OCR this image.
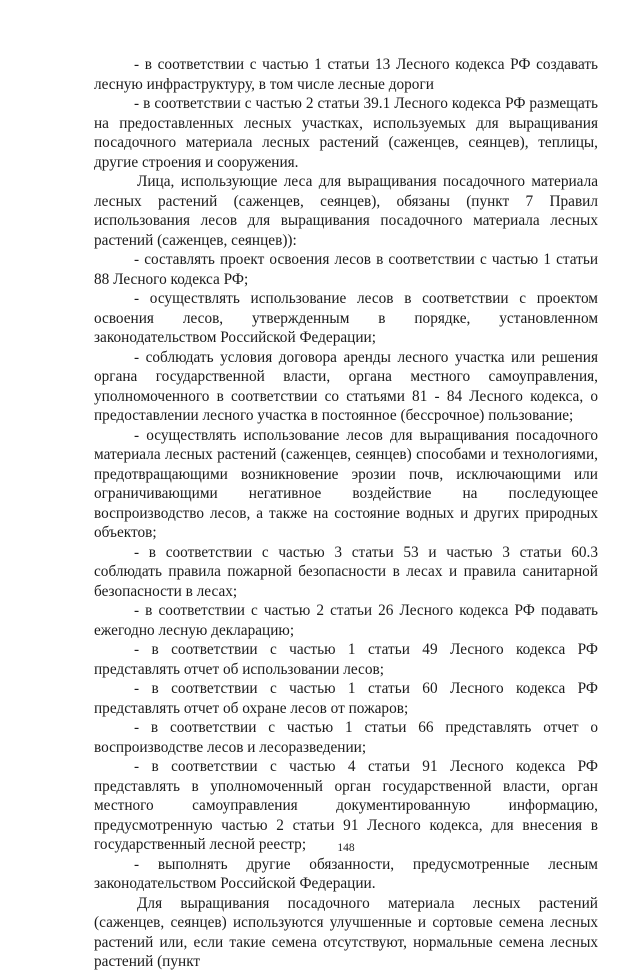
- в соответствии с частью 1 статьи 13 Лесного кодекса РФ создавать лесную инфраструктуру, в том числе лесные дороги

- в соответствии с частью 2 статьи 39.1 Лесного кодекса РФ размещать на предоставленных лесных участках, используемых для выращивания посадочного материала лесных растений (саженцев, сеянцев), теплицы, другие строения и сооружения.

Лица, использующие леса для выращивания посадочного материала лесных растений (саженцев, сеянцев), обязаны (пункт 7 Правил использования лесов для выращивания посадочного материала лесных растений (саженцев, сеянцев)):

- составлять проект освоения лесов в соответствии с частью 1 статьи 88 Лесного кодекса РФ;

- осуществлять использование лесов в соответствии с проектом освоения лесов, утвержденным в порядке, установленном законодательством Российской Федерации;

- соблюдать условия договора аренды лесного участка или решения органа государственной власти, органа местного самоуправления, уполномоченного в соответствии со статьями 81 - 84 Лесного кодекса, о предоставлении лесного участка в постоянное (бессрочное) пользование;

- осуществлять использование лесов для выращивания посадочного материала лесных растений (саженцев, сеянцев) способами и технологиями, предотвращающими возникновение эрозии почв, исключающими или ограничивающими негативное воздействие на последующее воспроизводство лесов, а также на состояние водных и других природных объектов;

- в соответствии с частью 3 статьи 53 и частью 3 статьи 60.3 соблюдать правила пожарной безопасности в лесах и правила санитарной безопасности в лесах;

- в соответствии с частью 2 статьи 26 Лесного кодекса РФ подавать ежегодно лесную декларацию;

- в соответствии с частью 1 статьи 49 Лесного кодекса РФ представлять отчет об использовании лесов;

- в соответствии с частью 1 статьи 60 Лесного кодекса РФ представлять отчет об охране лесов от пожаров;

- в соответствии с частью 1 статьи 66 представлять отчет о воспроизводстве лесов и лесоразведении;

- в соответствии с частью 4 статьи 91 Лесного кодекса РФ представлять в уполномоченный орган государственной власти, орган местного самоуправления документированную информацию, предусмотренную частью 2 статьи 91 Лесного кодекса, для внесения в государственный лесной реестр;

- выполнять другие обязанности, предусмотренные лесным законодательством Российской Федерации.

Для выращивания посадочного материала лесных растений (саженцев, сеянцев) используются улучшенные и сортовые семена лесных растений или, если такие семена отсутствуют, нормальные семена лесных растений (пункт

148
